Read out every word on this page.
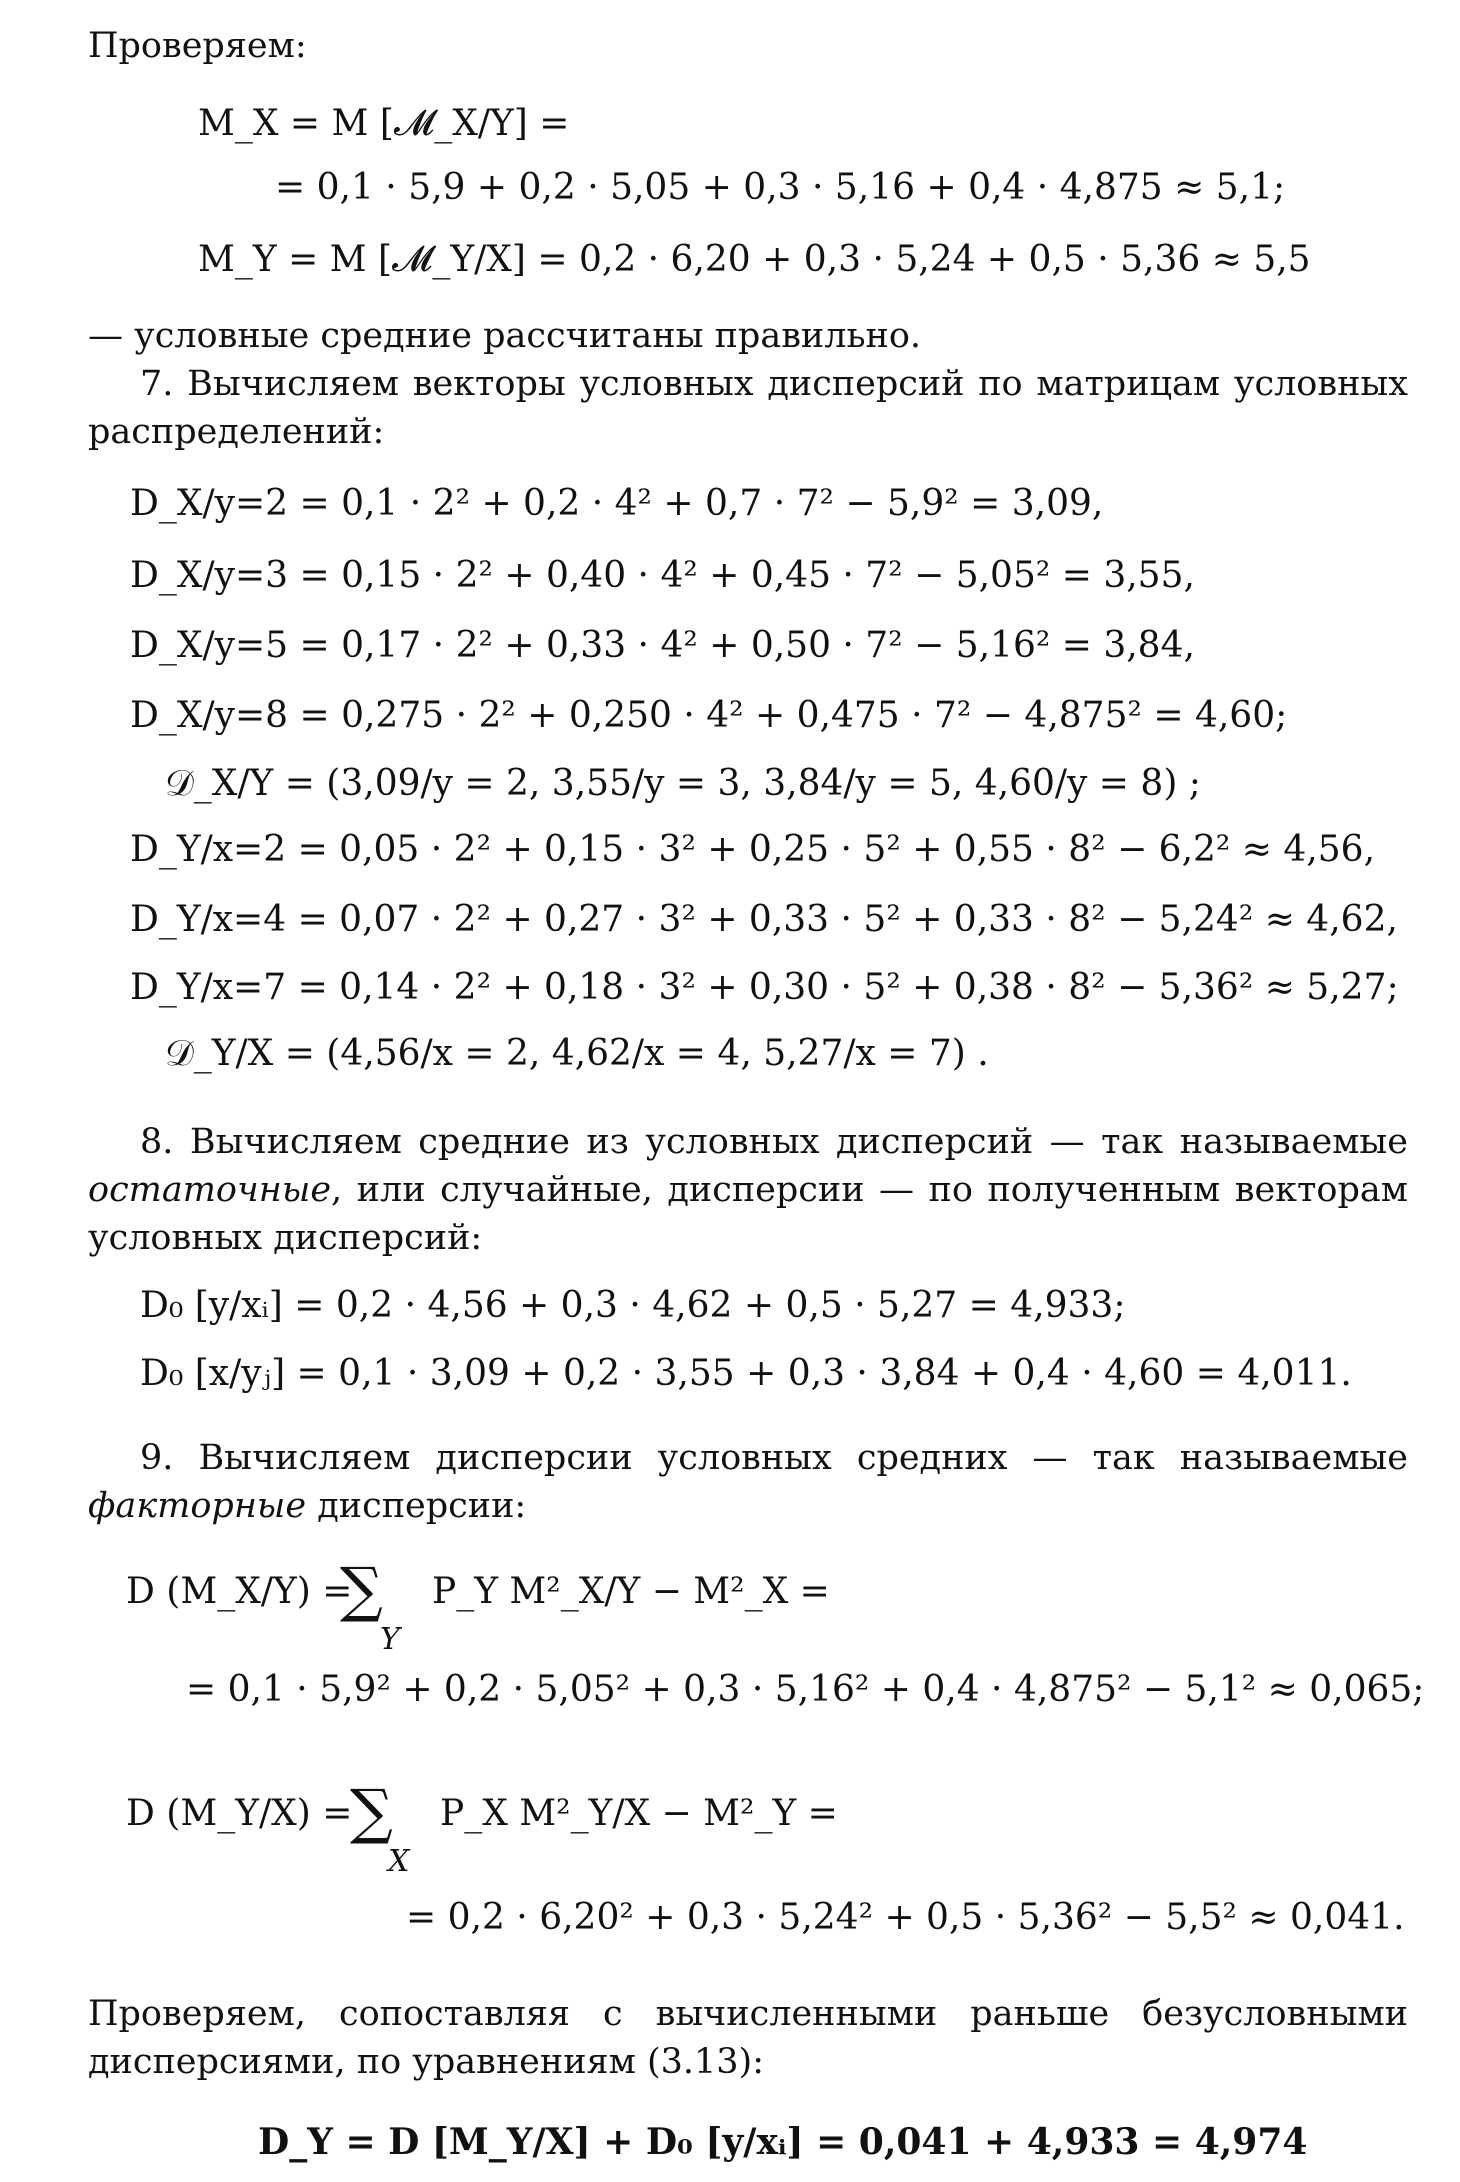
Проверяем:

M_X = M [𝓜_X/Y] =
= 0,1 · 5,9 + 0,2 · 5,05 + 0,3 · 5,16 + 0,4 · 4,875 ≈ 5,1;
M_Y = M [𝓜_Y/X] = 0,2 · 6,20 + 0,3 · 5,24 + 0,5 · 5,36 ≈ 5,5

— условные средние рассчитаны правильно.

7. Вычисляем векторы условных дисперсий по матрицам условных распределений:

D_X/y=2 = 0,1 · 2² + 0,2 · 4² + 0,7 · 7² − 5,9² = 3,09,
D_X/y=3 = 0,15 · 2² + 0,40 · 4² + 0,45 · 7² − 5,05² = 3,55,
D_X/y=5 = 0,17 · 2² + 0,33 · 4² + 0,50 · 7² − 5,16² = 3,84,
D_X/y=8 = 0,275 · 2² + 0,250 · 4² + 0,475 · 7² − 4,875² = 4,60;
𝒟_X/Y = (3,09/y = 2, 3,55/y = 3, 3,84/y = 5, 4,60/y = 8) ;
D_Y/x=2 = 0,05 · 2² + 0,15 · 3² + 0,25 · 5² + 0,55 · 8² − 6,2² ≈ 4,56,
D_Y/x=4 = 0,07 · 2² + 0,27 · 3² + 0,33 · 5² + 0,33 · 8² − 5,24² ≈ 4,62,
D_Y/x=7 = 0,14 · 2² + 0,18 · 3² + 0,30 · 5² + 0,38 · 8² − 5,36² ≈ 5,27;
𝒟_Y/X = (4,56/x = 2, 4,62/x = 4, 5,27/x = 7) .

8. Вычисляем средние из условных дисперсий — так называемые остаточные, или случайные, дисперсии — по полученным векторам условных дисперсий:

D₀ [y/xᵢ] = 0,2 · 4,56 + 0,3 · 4,62 + 0,5 · 5,27 = 4,933;
D₀ [x/yⱼ] = 0,1 · 3,09 + 0,2 · 3,55 + 0,3 · 3,84 + 0,4 · 4,60 = 4,011.

9. Вычисляем дисперсии условных средних — так называемые факторные дисперсии:

D (M_X/Y) =
∑
Y
P_Y M²_X/Y − M²_X =
= 0,1 · 5,9² + 0,2 · 5,05² + 0,3 · 5,16² + 0,4 · 4,875² − 5,1² ≈ 0,065;
D (M_Y/X) =
∑
X
P_X M²_Y/X − M²_Y =
= 0,2 · 6,20² + 0,3 · 5,24² + 0,5 · 5,36² − 5,5² ≈ 0,041.

Проверяем, сопоставляя с вычисленными раньше безусловными дисперсиями, по уравнениям (3.13):

D_Y = D [M_Y/X] + D₀ [y/xᵢ] = 0,041 + 4,933 = 4,974
